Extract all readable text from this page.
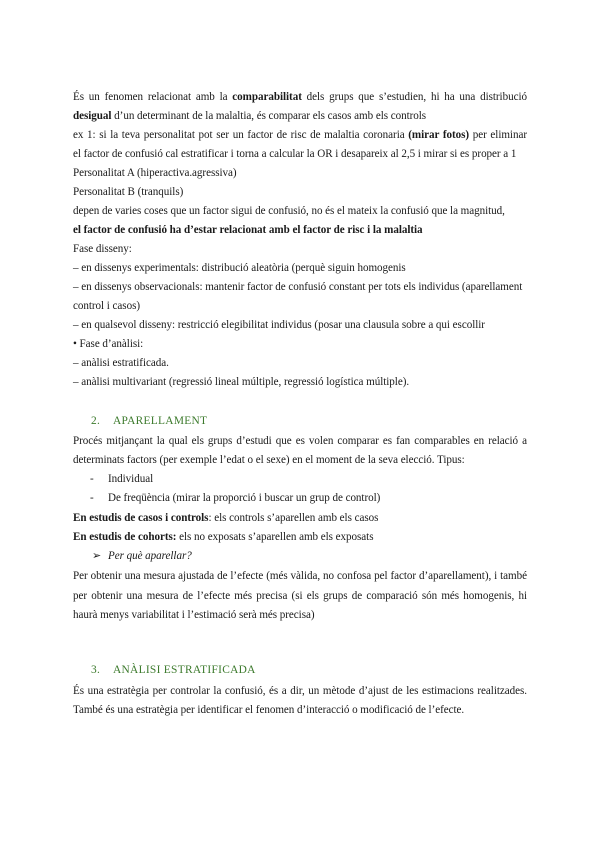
És un fenomen relacionat amb la comparabilitat dels grups que s’estudien, hi ha una distribució
desigual d’un determinant de la malaltia, és comparar els casos amb els controls
ex 1: si la teva personalitat pot ser un factor de risc de malaltia coronaria (mirar fotos) per eliminar
el factor de confusió cal estratificar i torna a calcular la OR i desapareix al 2,5 i mirar si es proper a 1
Personalitat A (hiperactiva.agressiva)
Personalitat B (tranquils)
depen de varies coses que un factor sigui de confusió, no és el mateix la confusió que la magnitud,
el factor de confusió ha d’estar relacionat amb el factor de risc i la malaltia
Fase disseny:
– en dissenys experimentals: distribució aleatòria (perquè siguin homogenis
– en dissenys observacionals: mantenir factor de confusió constant per tots els individus (aparellament
control i casos)
– en qualsevol disseny: restricció elegibilitat individus (posar una clausula sobre a qui escollir
• Fase d’anàlisi:
– anàlisi estratificada.
– anàlisi multivariant (regressió lineal múltiple, regressió logística múltiple).
2. APARELLAMENT
Procés mitjançant la qual els grups d’estudi que es volen comparar es fan comparables en relació a
determinats factors (per exemple l’edat o el sexe) en el moment de la seva elecció. Tipus:
- Individual
- De freqüència (mirar la proporció i buscar un grup de control)
En estudis de casos i controls: els controls s’aparellen amb els casos
En estudis de cohorts: els no exposats s’aparellen amb els exposats
➢ Per què aparellar?
Per obtenir una mesura ajustada de l’efecte (més vàlida, no confosa pel factor d’aparellament), i també
per obtenir una mesura de l’efecte més precisa (si els grups de comparació són més homogenis, hi
haurà menys variabilitat i l’estimació serà més precisa)
3. ANÀLISI ESTRATIFICADA
És una estratègia per controlar la confusió, és a dir, un mètode d’ajust de les estimacions realitzades.
També és una estratègia per identificar el fenomen d’interacció o modificació de l’efecte.
